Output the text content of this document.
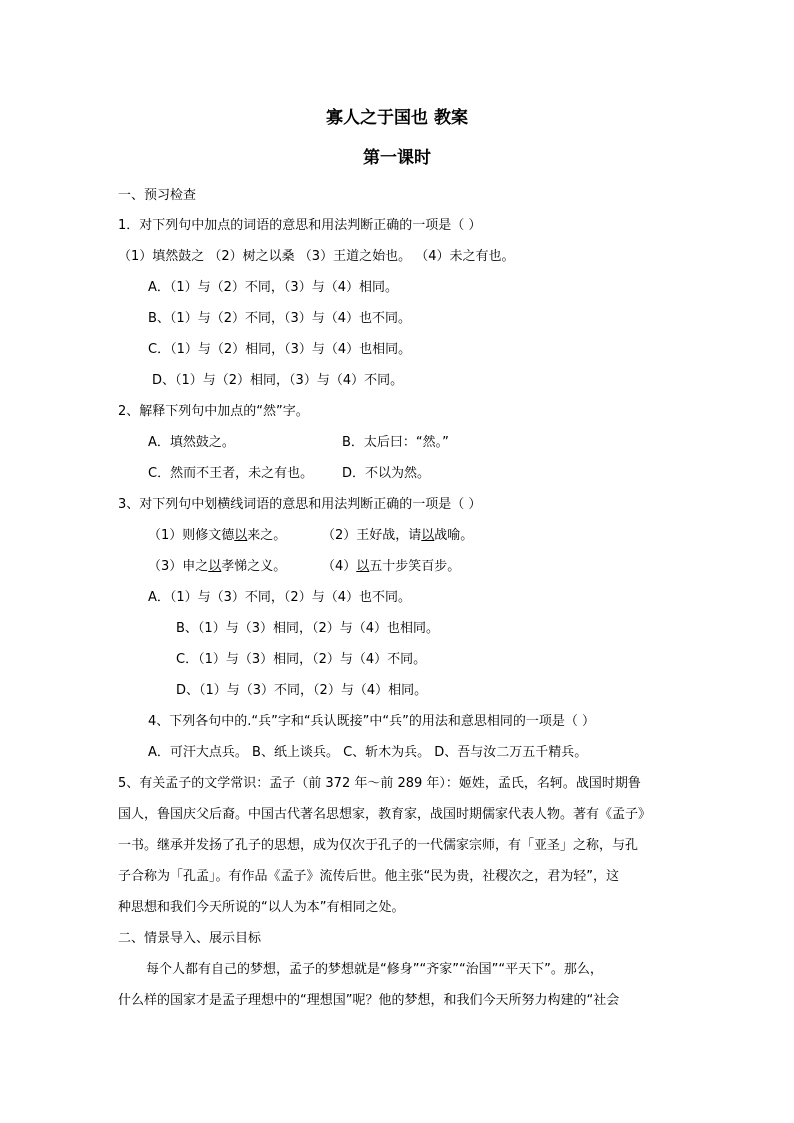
寡人之于国也 教案
第一课时
一、预习检查
1．对下列句中加点的词语的意思和用法判断正确的一项是（ ）
（1）填然鼓之 （2）树之以桑 （3）王道之始也。 （4）未之有也。
A．（1）与（2）不同，（3）与（4）相同。
B、（1）与（2）不同，（3）与（4）也不同。
C．（1）与（2）相同，（3）与（4）也相同。
D、（1）与（2）相同，（3）与（4）不同。
2、解释下列句中加点的“然”字。
A．填然鼓之。	B．太后曰：“然。”
C．然而不王者，未之有也。 D．不以为然。
3、对下列句中划横线词语的意思和用法判断正确的一项是（ ）
（1）则修文德以来之。	（2）王好战，请以战喻。
（3）申之以孝悌之义。	（4）以五十步笑百步。
A．（1）与（3）不同，（2）与（4）也不同。
B、（1）与（3）相同，（2）与（4）也相同。
C．（1）与（3）相同，（2）与（4）不同。
D、（1）与（3）不同，（2）与（4）相同。
4、下列各句中的.“兵”字和“兵认既接”中“兵”的用法和意思相同的一项是（ ）
A．可汗大点兵。 B、纸上谈兵。 C、斩木为兵。 D、吾与汝二万五千精兵。
5、有关孟子的文学常识：孟子（前 372 年～前 289 年）：姬姓，孟氏，名轲。战国时期鲁
国人，鲁国庆父后裔。中国古代著名思想家，教育家，战国时期儒家代表人物。著有《孟子》
一书。继承并发扬了孔子的思想，成为仅次于孔子的一代儒家宗师，有「亚圣」之称，与孔
子合称为「孔孟」。有作品《孟子》流传后世。他主张“民为贵，社稷次之，君为轻”，这
种思想和我们今天所说的“以人为本”有相同之处。
二、情景导入、展示目标
每个人都有自己的梦想，孟子的梦想就是“修身”“齐家”“治国”“平天下”。那么，
什么样的国家才是孟子理想中的“理想国”呢？他的梦想，和我们今天所努力构建的“社会
